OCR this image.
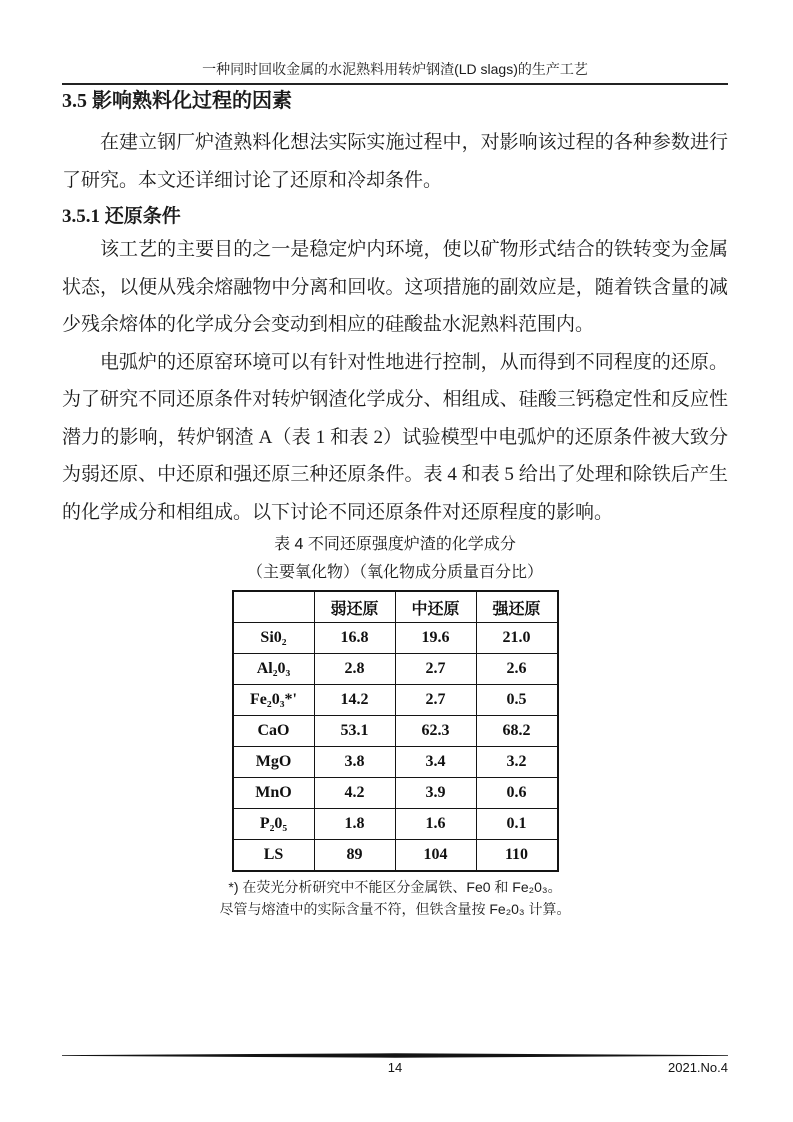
一种同时回收金属的水泥熟料用转炉钢渣(LD slags)的生产工艺
3.5 影响熟料化过程的因素
在建立钢厂炉渣熟料化想法实际实施过程中，对影响该过程的各种参数进行
了研究。本文还详细讨论了还原和冷却条件。
3.5.1 还原条件
该工艺的主要目的之一是稳定炉内环境，使以矿物形式结合的铁转变为金属
状态，以便从残余熔融物中分离和回收。这项措施的副效应是，随着铁含量的减
少残余熔体的化学成分会变动到相应的硅酸盐水泥熟料范围内。
电弧炉的还原窑环境可以有针对性地进行控制，从而得到不同程度的还原。
为了研究不同还原条件对转炉钢渣化学成分、相组成、硅酸三钙稳定性和反应性
潜力的影响，转炉钢渣 A（表 1 和表 2）试验模型中电弧炉的还原条件被大致分
为弱还原、中还原和强还原三种还原条件。表 4 和表 5 给出了处理和除铁后产生
的化学成分和相组成。以下讨论不同还原条件对还原程度的影响。
表 4 不同还原强度炉渣的化学成分
（主要氧化物）（氧化物成分质量百分比）
	弱还原	中还原	强还原
Si0₂	16.8	19.6	21.0
Al₂0₃	2.8	2.7	2.6
Fe₂0₃*'	14.2	2.7	0.5
CaO	53.1	62.3	68.2
MgO	3.8	3.4	3.2
MnO	4.2	3.9	0.6
P₂0₅	1.8	1.6	0.1
LS	89	104	110
*) 在荧光分析研究中不能区分金属铁、Fe0 和 Fe₂0₃。
尽管与熔渣中的实际含量不符，但铁含量按 Fe₂0₃ 计算。
14	2021.No.4
